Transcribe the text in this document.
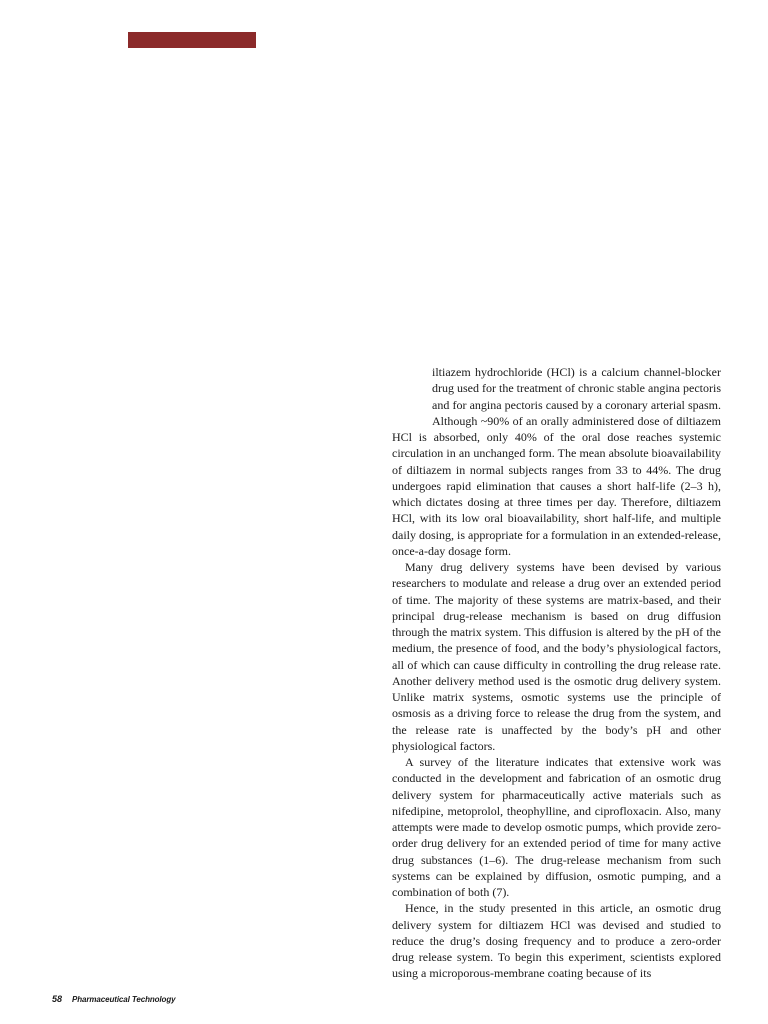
iltiazem hydrochloride (HCl) is a calcium channel-blocker drug used for the treatment of chronic stable angina pectoris and for angina pectoris caused by a coronary arterial spasm. Although ~90% of an orally administered dose of diltiazem HCl is absorbed, only 40% of the oral dose reaches systemic circulation in an unchanged form. The mean absolute bioavailability of diltiazem in normal subjects ranges from 33 to 44%. The drug undergoes rapid elimination that causes a short half-life (2–3 h), which dictates dosing at three times per day. Therefore, diltiazem HCl, with its low oral bioavailability, short half-life, and multiple daily dosing, is appropriate for a formulation in an extended-release, once-a-day dosage form.

Many drug delivery systems have been devised by various researchers to modulate and release a drug over an extended period of time. The majority of these systems are matrix-based, and their principal drug-release mechanism is based on drug diffusion through the matrix system. This diffusion is altered by the pH of the medium, the presence of food, and the body’s physiological factors, all of which can cause difficulty in controlling the drug release rate. Another delivery method used is the osmotic drug delivery system. Unlike matrix systems, osmotic systems use the principle of osmosis as a driving force to release the drug from the system, and the release rate is unaffected by the body’s pH and other physiological factors.

A survey of the literature indicates that extensive work was conducted in the development and fabrication of an osmotic drug delivery system for pharmaceutically active materials such as nifedipine, metoprolol, theophylline, and ciprofloxacin. Also, many attempts were made to develop osmotic pumps, which provide zero-order drug delivery for an extended period of time for many active drug substances (1–6). The drug-release mechanism from such systems can be explained by diffusion, osmotic pumping, and a combination of both (7).

Hence, in the study presented in this article, an osmotic drug delivery system for diltiazem HCl was devised and studied to reduce the drug’s dosing frequency and to produce a zero-order drug release system. To begin this experiment, scientists explored using a microporous-membrane coating because of its

58 Pharmaceutical Technology
